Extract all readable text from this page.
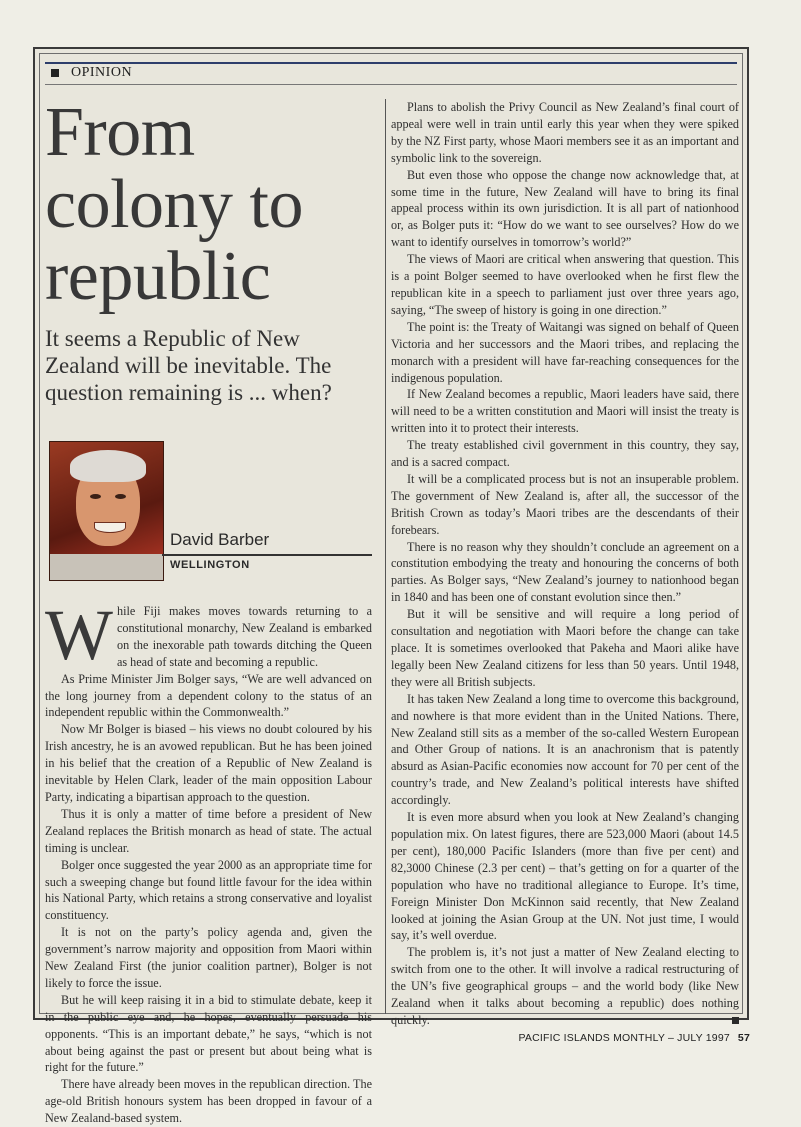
OPINION
From colony to republic

It seems a Republic of New Zealand will be inevitable. The question remaining is ... when?

David Barber
WELLINGTON

While Fiji makes moves towards returning to a constitutional monarchy, New Zealand is embarked on the inexorable path towards ditching the Queen as head of state and becoming a republic.

As Prime Minister Jim Bolger says, “We are well advanced on the long journey from a dependent colony to the status of an independent republic within the Commonwealth.”

Now Mr Bolger is biased – his views no doubt coloured by his Irish ancestry, he is an avowed republican. But he has been joined in his belief that the creation of a Republic of New Zealand is inevitable by Helen Clark, leader of the main opposition Labour Party, indicating a bipartisan approach to the question.

Thus it is only a matter of time before a president of New Zealand replaces the British monarch as head of state. The actual timing is unclear.

Bolger once suggested the year 2000 as an appropriate time for such a sweeping change but found little favour for the idea within his National Party, which retains a strong conservative and loyalist constituency.

It is not on the party’s policy agenda and, given the government’s narrow majority and opposition from Maori within New Zealand First (the junior coalition partner), Bolger is not likely to force the issue.

But he will keep raising it in a bid to stimulate debate, keep it in the public eye and, he hopes, eventually persuade his opponents. “This is an important debate,” he says, “which is not about being against the past or present but about being what is right for the future.”

There have already been moves in the republican direction. The age-old British honours system has been dropped in favour of a New Zealand-based system.

Plans to abolish the Privy Council as New Zealand’s final court of appeal were well in train until early this year when they were spiked by the NZ First party, whose Maori members see it as an important and symbolic link to the sovereign.

But even those who oppose the change now acknowledge that, at some time in the future, New Zealand will have to bring its final appeal process within its own jurisdiction. It is all part of nationhood or, as Bolger puts it: “How do we want to see ourselves? How do we want to identify ourselves in tomorrow’s world?”

The views of Maori are critical when answering that question. This is a point Bolger seemed to have overlooked when he first flew the republican kite in a speech to parliament just over three years ago, saying, “The sweep of history is going in one direction.”

The point is: the Treaty of Waitangi was signed on behalf of Queen Victoria and her successors and the Maori tribes, and replacing the monarch with a president will have far-reaching consequences for the indigenous population.

If New Zealand becomes a republic, Maori leaders have said, there will need to be a written constitution and Maori will insist the treaty is written into it to protect their interests.

The treaty established civil government in this country, they say, and is a sacred compact.

It will be a complicated process but is not an insuperable problem. The government of New Zealand is, after all, the successor of the British Crown as today’s Maori tribes are the descendants of their forebears.

There is no reason why they shouldn’t conclude an agreement on a constitution embodying the treaty and honouring the concerns of both parties. As Bolger says, “New Zealand’s journey to nationhood began in 1840 and has been one of constant evolution since then.”

But it will be sensitive and will require a long period of consultation and negotiation with Maori before the change can take place. It is sometimes overlooked that Pakeha and Maori alike have legally been New Zealand citizens for less than 50 years. Until 1948, they were all British subjects.

It has taken New Zealand a long time to overcome this background, and nowhere is that more evident than in the United Nations. There, New Zealand still sits as a member of the so-called Western European and Other Group of nations. It is an anachronism that is patently absurd as Asian-Pacific economies now account for 70 per cent of the country’s trade, and New Zealand’s political interests have shifted accordingly.

It is even more absurd when you look at New Zealand’s changing population mix. On latest figures, there are 523,000 Maori (about 14.5 per cent), 180,000 Pacific Islanders (more than five per cent) and 82,3000 Chinese (2.3 per cent) – that’s getting on for a quarter of the population who have no traditional allegiance to Europe. It’s time, Foreign Minister Don McKinnon said recently, that New Zealand looked at joining the Asian Group at the UN. Not just time, I would say, it’s well overdue.

The problem is, it’s not just a matter of New Zealand electing to switch from one to the other. It will involve a radical restructuring of the UN’s five geographical groups – and the world body (like New Zealand when it talks about becoming a republic) does nothing quickly.

PACIFIC ISLANDS MONTHLY – JULY 1997 57
